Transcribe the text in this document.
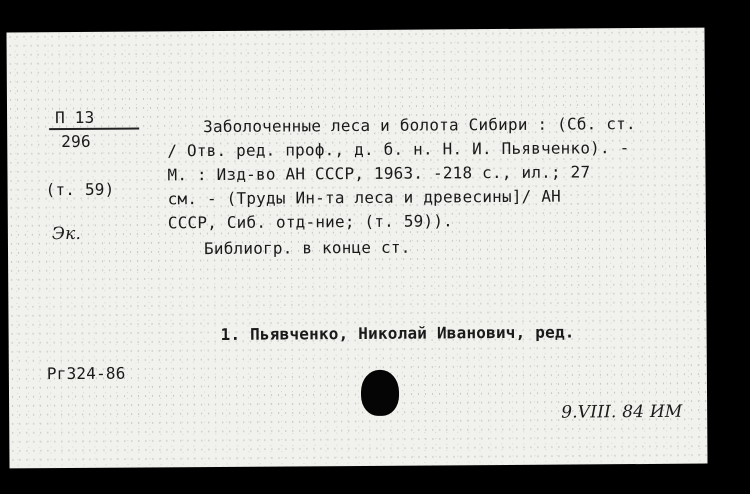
П 13
296
(т. 59)
Эк.
Заболоченные леса и болота Сибири : (Сб. ст.
/ Отв. ред. проф., д. б. н. Н. И. Пьявченко). -
М. : Изд-во АН СССР, 1963. -218 с., ил.; 27
см. - (Труды Ин-та леса и древесины]/ АН
СССР, Сиб. отд-ние; (т. 59)).
Библиогр. в конце ст.
1. Пьявченко, Николай Иванович, ред.
Рг324-86
9.VIII. 84 ИМ
